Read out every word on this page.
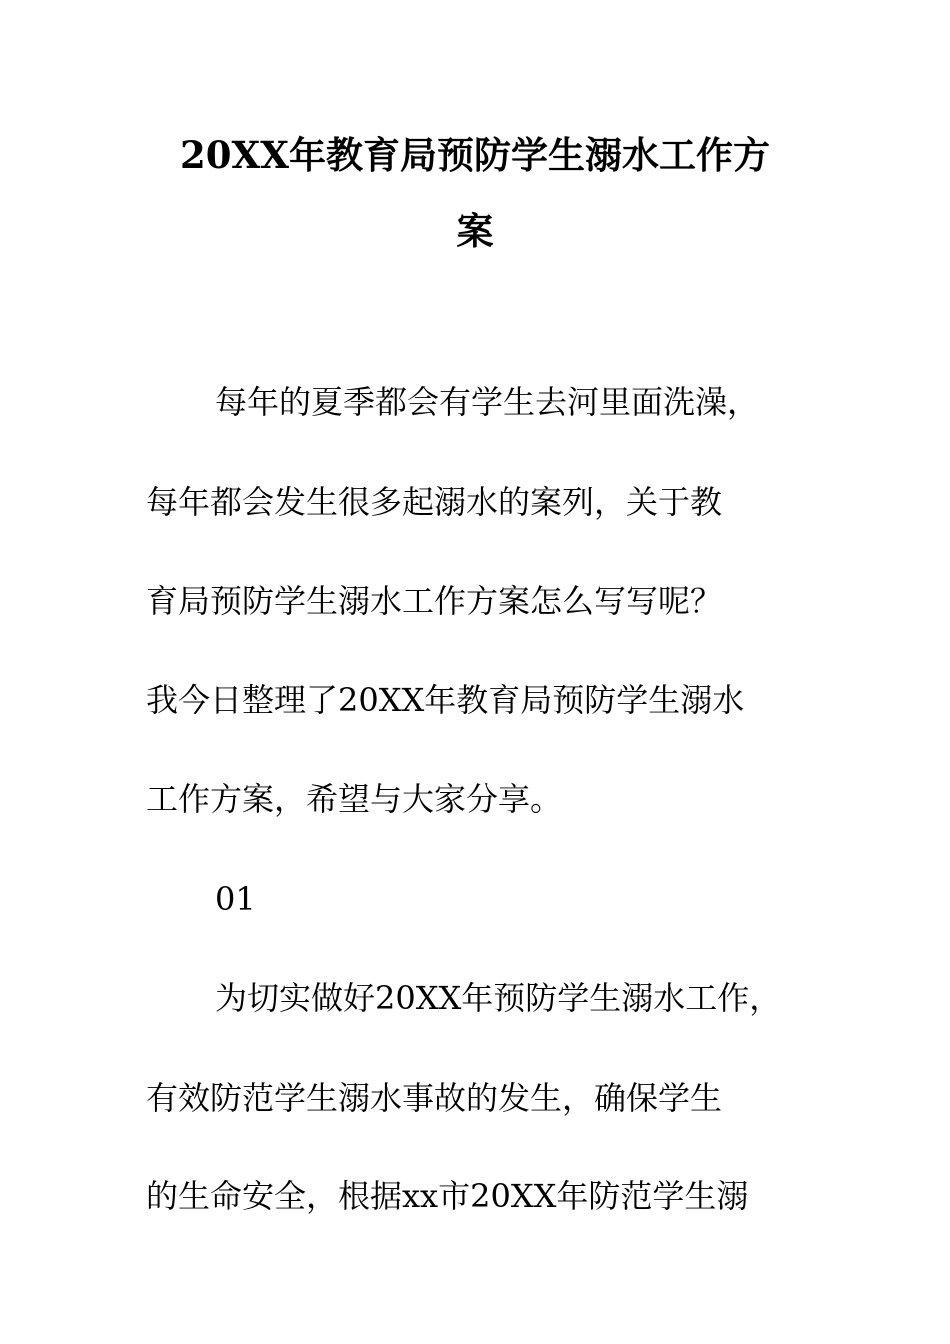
20XX年教育局预防学生溺水工作方
案
每年的夏季都会有学生去河里面洗澡，
每年都会发生很多起溺水的案列，关于教
育局预防学生溺水工作方案怎么写写呢？
我今日整理了20XX年教育局预防学生溺水
工作方案，希望与大家分享。
01
为切实做好20XX年预防学生溺水工作，
有效防范学生溺水事故的发生，确保学生
的生命安全，根据xx市20XX年防范学生溺
